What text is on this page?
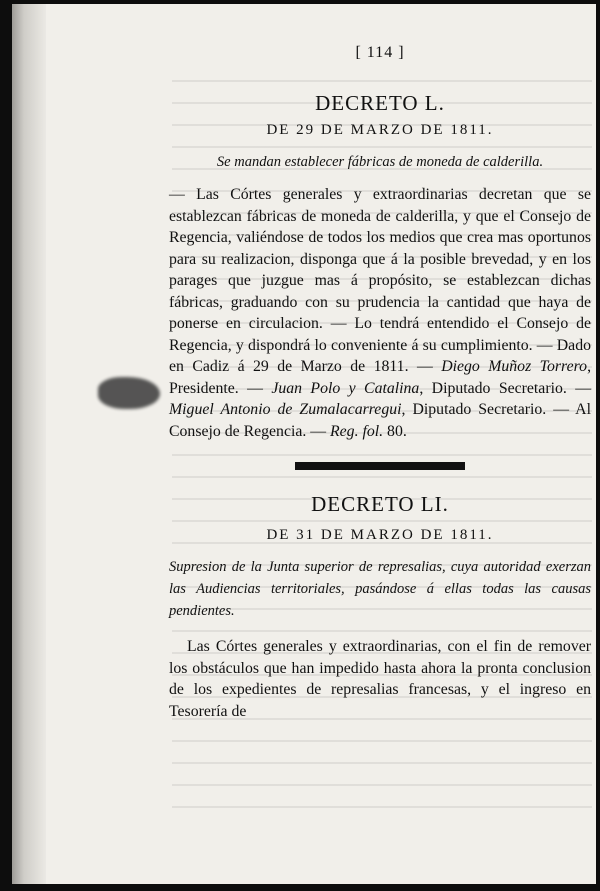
[ 114 ]
DECRETO L.
DE 29 DE MARZO DE 1811.
Se mandan establecer fábricas de moneda de calderilla.

— Las Córtes generales y extraordinarias decretan que se establezcan fábricas de moneda de calderilla, y que el Consejo de Regencia, valiéndose de todos los medios que crea mas oportunos para su realizacion, disponga que á la posible brevedad, y en los parages que juzgue mas á propósito, se establezcan dichas fábricas, graduando con su prudencia la cantidad que haya de ponerse en circulacion. — Lo tendrá entendido el Consejo de Regencia, y dispondrá lo conveniente á su cumplimiento. — Dado en Cadiz á 29 de Marzo de 1811. — Diego Muñoz Torrero, Presidente. — Juan Polo y Catalina, Diputado Secretario. — Miguel Antonio de Zumalacarregui, Diputado Secretario. — Al Consejo de Regencia. — Reg. fol. 80.

DECRETO LI.
DE 31 DE MARZO DE 1811.
Supresion de la Junta superior de represalias, cuya autoridad exerzan las Audiencias territoriales, pasándose á ellas todas las causas pendientes.

Las Córtes generales y extraordinarias, con el fin de remover los obstáculos que han impedido hasta ahora la pronta conclusion de los expedientes de represalias francesas, y el ingreso en Tesorería de
